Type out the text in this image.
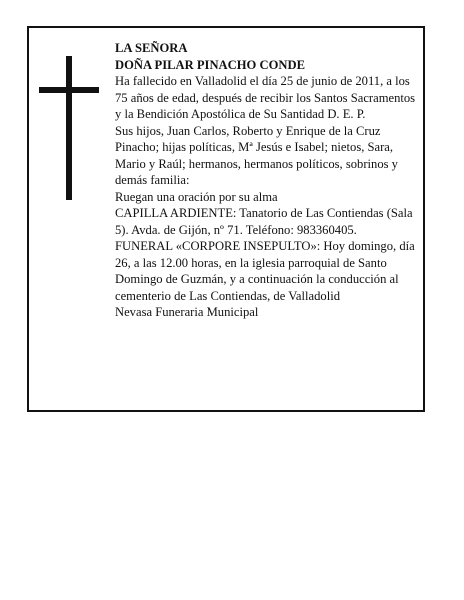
LA SEÑORA

DOÑA PILAR PINACHO CONDE

Ha fallecido en Valladolid el día 25 de junio de 2011, a los 75 años de edad, después de recibir los Santos Sacramentos y la Bendición Apostólica de Su Santidad D. E. P.

Sus hijos, Juan Carlos, Roberto y Enrique de la Cruz Pinacho; hijas políticas, Mª Jesús e Isabel; nietos, Sara, Mario y Raúl; hermanos, hermanos políticos, sobrinos y demás familia:

Ruegan una oración por su alma

CAPILLA ARDIENTE: Tanatorio de Las Contiendas (Sala 5). Avda. de Gijón, nº 71. Teléfono: 983360405.

FUNERAL «CORPORE INSEPULTO»: Hoy domingo, día 26, a las 12.00 horas, en la iglesia parroquial de Santo Domingo de Guzmán, y a continuación la conducción al cementerio de Las Contiendas, de Valladolid

Nevasa Funeraria Municipal
